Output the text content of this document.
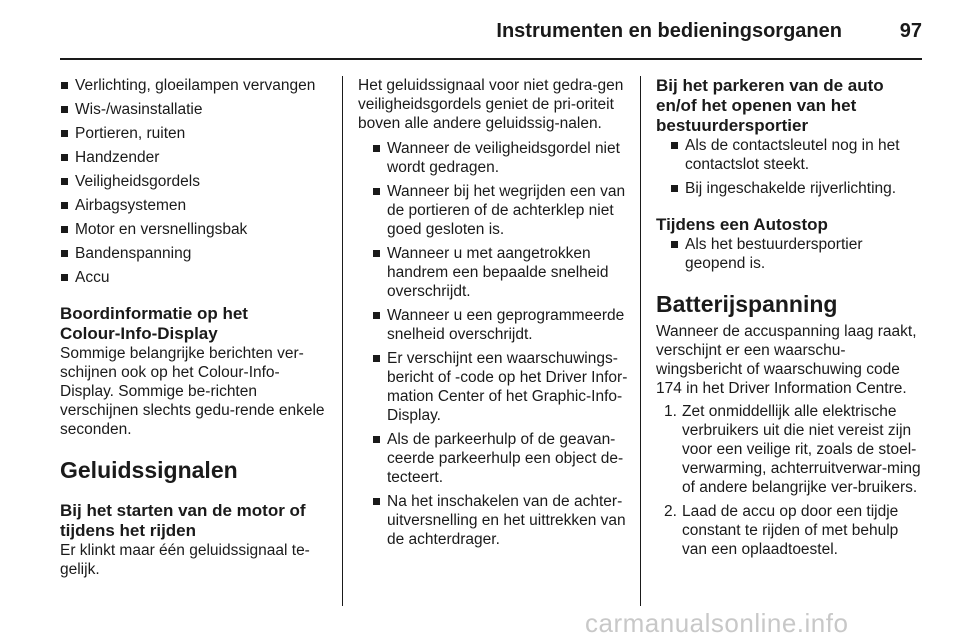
Instrumenten en bedieningsorganen	97
Verlichting, gloeilampen vervangen
Wis-/wasinstallatie
Portieren, ruiten
Handzender
Veiligheidsgordels
Airbagsystemen
Motor en versnellingsbak
Bandenspanning
Accu
Boordinformatie op het
Colour-Info-Display

Sommige belangrijke berichten ver-schijnen ook op het Colour-Info-Display. Sommige be-richten verschijnen slechts gedu-rende enkele seconden.

Geluidssignalen
Bij het starten van de motor of tijdens het rijden

Er klinkt maar één geluidssignaal te-gelijk.

Het geluidssignaal voor niet gedra-gen veiligheidsgordels geniet de pri-oriteit boven alle andere geluidssig-nalen.

Wanneer de veiligheidsgordel niet wordt gedragen.
Wanneer bij het wegrijden een van de portieren of de achterklep niet goed gesloten is.
Wanneer u met aangetrokken handrem een bepaalde snelheid overschrijdt.
Wanneer u een geprogrammeerde snelheid overschrijdt.
Er verschijnt een waarschuwings-bericht of -code op het Driver Infor-mation Center of het Graphic-Info-Display.
Als de parkeerhulp of de geavan-ceerde parkeerhulp een object de-tecteert.
Na het inschakelen van de achter-uitversnelling en het uittrekken van de achterdrager.
Bij het parkeren van de auto en/of het openen van het bestuurdersportier
Als de contactsleutel nog in het contactslot steekt.
Bij ingeschakelde rijverlichting.
Tijdens een Autostop
Als het bestuurdersportier geopend is.
Batterijspanning

Wanneer de accuspanning laag raakt, verschijnt er een waarschu-wingsbericht of waarschuwing code 174 in het Driver Information Centre.

1. Zet onmiddellijk alle elektrische verbruikers uit die niet vereist zijn voor een veilige rit, zoals de stoel-verwarming, achterruitverwar-ming of andere belangrijke ver-bruikers.
2. Laad de accu op door een tijdje constant te rijden of met behulp van een oplaadtoestel.
carmanualsonline.info
